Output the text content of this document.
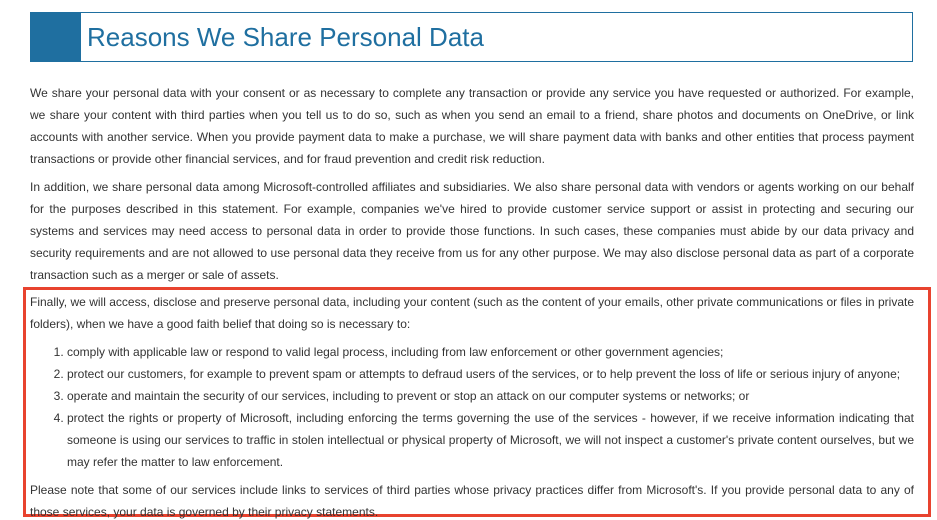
Reasons We Share Personal Data

We share your personal data with your consent or as necessary to complete any transaction or provide any service you have requested or authorized. For example, we share your content with third parties when you tell us to do so, such as when you send an email to a friend, share photos and documents on OneDrive, or link accounts with another service. When you provide payment data to make a purchase, we will share payment data with banks and other entities that process payment transactions or provide other financial services, and for fraud prevention and credit risk reduction.

In addition, we share personal data among Microsoft-controlled affiliates and subsidiaries. We also share personal data with vendors or agents working on our behalf for the purposes described in this statement. For example, companies we've hired to provide customer service support or assist in protecting and securing our systems and services may need access to personal data in order to provide those functions. In such cases, these companies must abide by our data privacy and security requirements and are not allowed to use personal data they receive from us for any other purpose. We may also disclose personal data as part of a corporate transaction such as a merger or sale of assets.

Finally, we will access, disclose and preserve personal data, including your content (such as the content of your emails, other private communications or files in private folders), when we have a good faith belief that doing so is necessary to:

1. comply with applicable law or respond to valid legal process, including from law enforcement or other government agencies;
2. protect our customers, for example to prevent spam or attempts to defraud users of the services, or to help prevent the loss of life or serious injury of anyone;
3. operate and maintain the security of our services, including to prevent or stop an attack on our computer systems or networks; or
4. protect the rights or property of Microsoft, including enforcing the terms governing the use of the services - however, if we receive information indicating that someone is using our services to traffic in stolen intellectual or physical property of Microsoft, we will not inspect a customer's private content ourselves, but we may refer the matter to law enforcement.

Please note that some of our services include links to services of third parties whose privacy practices differ from Microsoft's. If you provide personal data to any of those services, your data is governed by their privacy statements.
